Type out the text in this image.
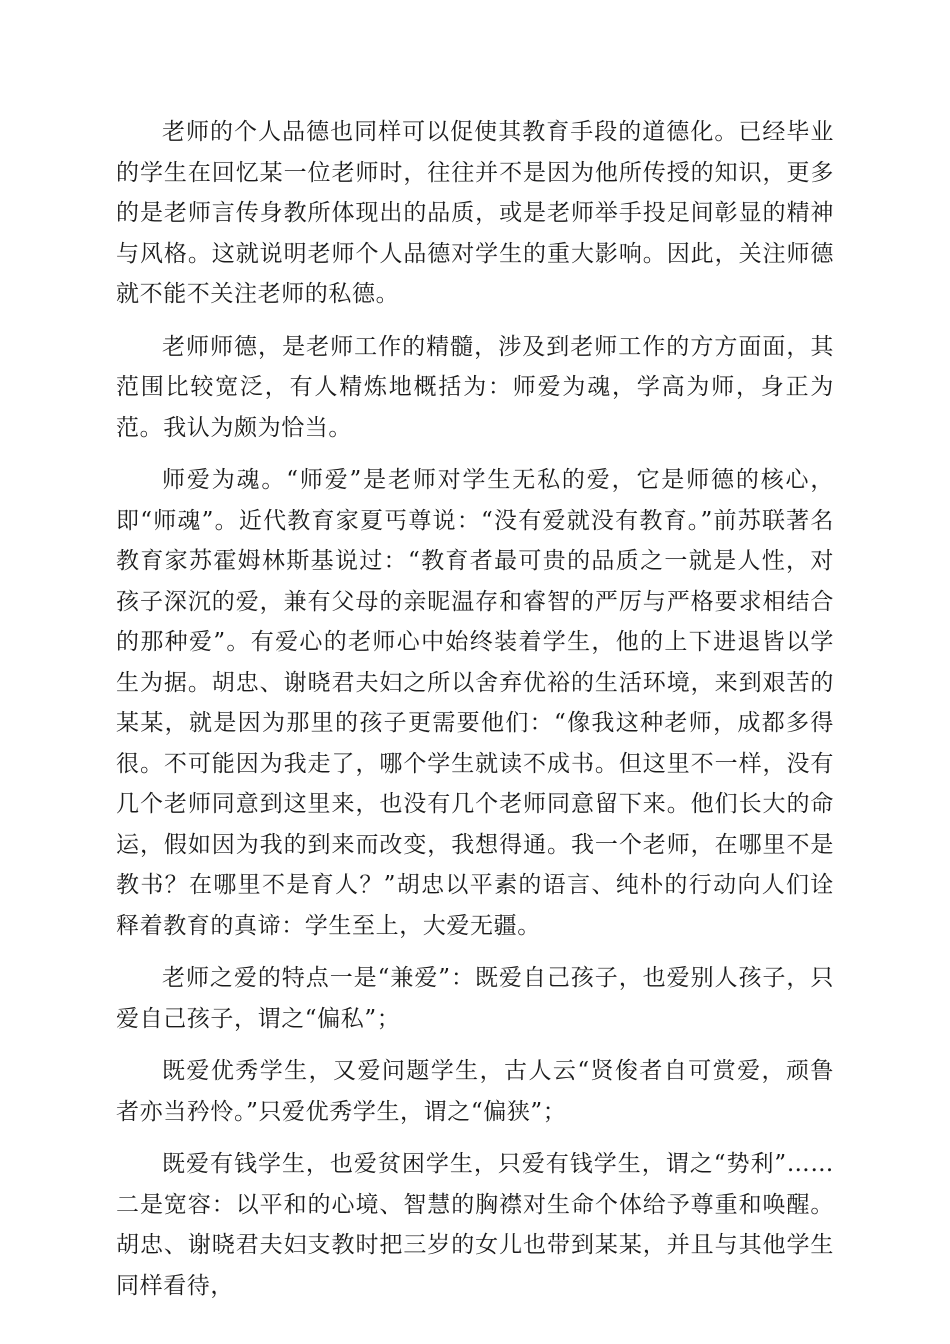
老师的个人品德也同样可以促使其教育手段的道德化。已经毕业的学生在回忆某一位老师时，往往并不是因为他所传授的知识，更多的是老师言传身教所体现出的品质，或是老师举手投足间彰显的精神与风格。这就说明老师个人品德对学生的重大影响。因此，关注师德就不能不关注老师的私德。

老师师德，是老师工作的精髓，涉及到老师工作的方方面面，其范围比较宽泛，有人精炼地概括为：师爱为魂，学高为师，身正为范。我认为颇为恰当。

师爱为魂。“师爱”是老师对学生无私的爱，它是师德的核心，即“师魂”。近代教育家夏丐尊说：“没有爱就没有教育。”前苏联著名教育家苏霍姆林斯基说过：“教育者最可贵的品质之一就是人性，对孩子深沉的爱，兼有父母的亲昵温存和睿智的严厉与严格要求相结合的那种爱”。有爱心的老师心中始终装着学生，他的上下进退皆以学生为据。胡忠、谢晓君夫妇之所以舍弃优裕的生活环境，来到艰苦的某某，就是因为那里的孩子更需要他们：“像我这种老师，成都多得很。不可能因为我走了，哪个学生就读不成书。但这里不一样，没有几个老师同意到这里来，也没有几个老师同意留下来。他们长大的命运，假如因为我的到来而改变，我想得通。我一个老师，在哪里不是教书？在哪里不是育人？”胡忠以平素的语言、纯朴的行动向人们诠释着教育的真谛：学生至上，大爱无疆。

老师之爱的特点一是“兼爱”：既爱自己孩子，也爱别人孩子，只爱自己孩子，谓之“偏私”；

既爱优秀学生，又爱问题学生，古人云“贤俊者自可赏爱，顽鲁者亦当矜怜。”只爱优秀学生，谓之“偏狭”；

既爱有钱学生，也爱贫困学生，只爱有钱学生，谓之“势利”……二是宽容：以平和的心境、智慧的胸襟对生命个体给予尊重和唤醒。胡忠、谢晓君夫妇支教时把三岁的女儿也带到某某，并且与其他学生同样看待，
